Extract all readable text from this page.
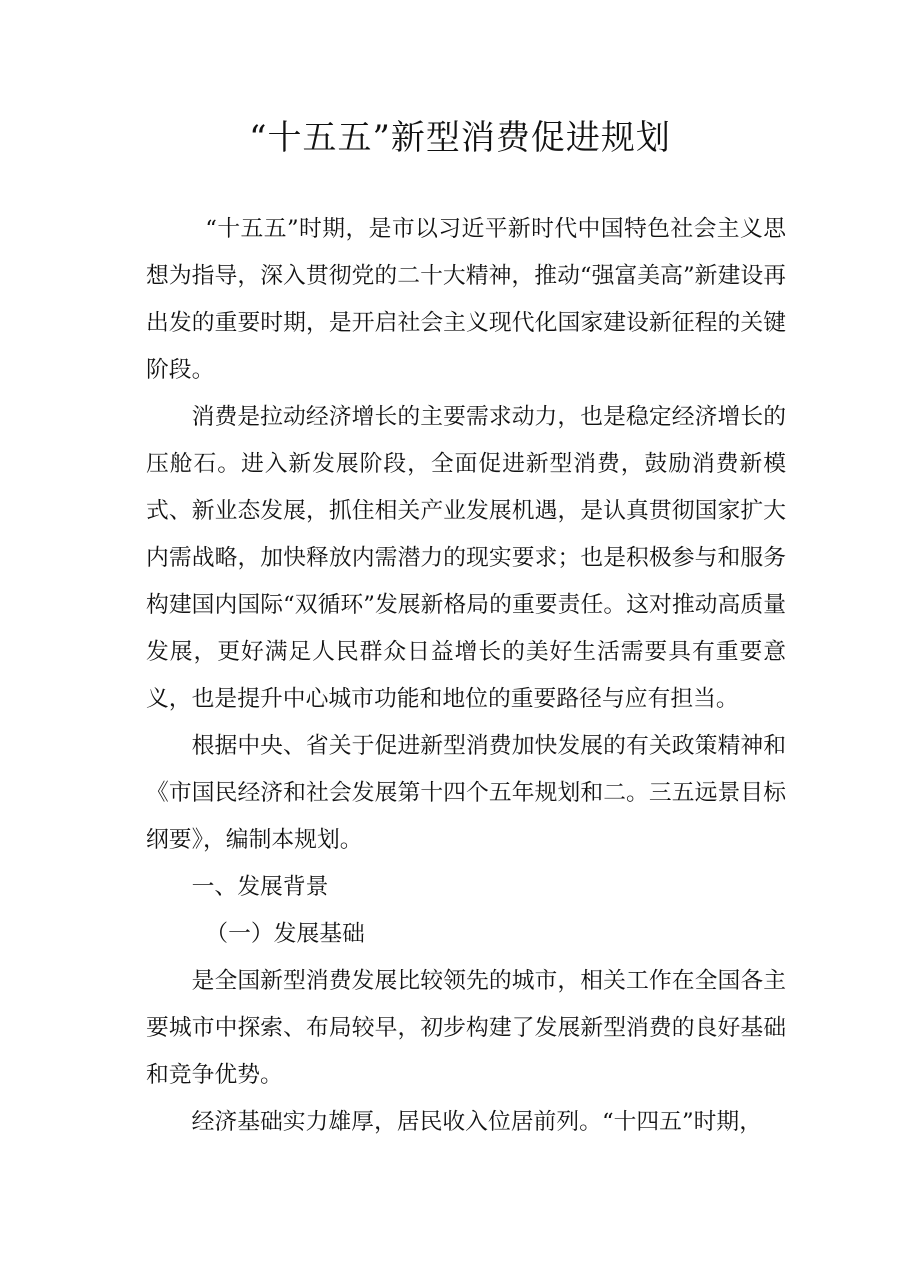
“十五五”新型消费促进规划

“十五五”时期，是市以习近平新时代中国特色社会主义思想为指导，深入贯彻党的二十大精神，推动“强富美高”新建设再出发的重要时期，是开启社会主义现代化国家建设新征程的关键阶段。

消费是拉动经济增长的主要需求动力，也是稳定经济增长的压舱石。进入新发展阶段，全面促进新型消费，鼓励消费新模式、新业态发展，抓住相关产业发展机遇，是认真贯彻国家扩大内需战略，加快释放内需潜力的现实要求；也是积极参与和服务构建国内国际“双循环”发展新格局的重要责任。这对推动高质量发展，更好满足人民群众日益增长的美好生活需要具有重要意义，也是提升中心城市功能和地位的重要路径与应有担当。

根据中央、省关于促进新型消费加快发展的有关政策精神和《市国民经济和社会发展第十四个五年规划和二。三五远景目标纲要》，编制本规划。

一、发展背景

（一）发展基础

是全国新型消费发展比较领先的城市，相关工作在全国各主要城市中探索、布局较早，初步构建了发展新型消费的良好基础和竞争优势。

经济基础实力雄厚，居民收入位居前列。“十四五”时期，
